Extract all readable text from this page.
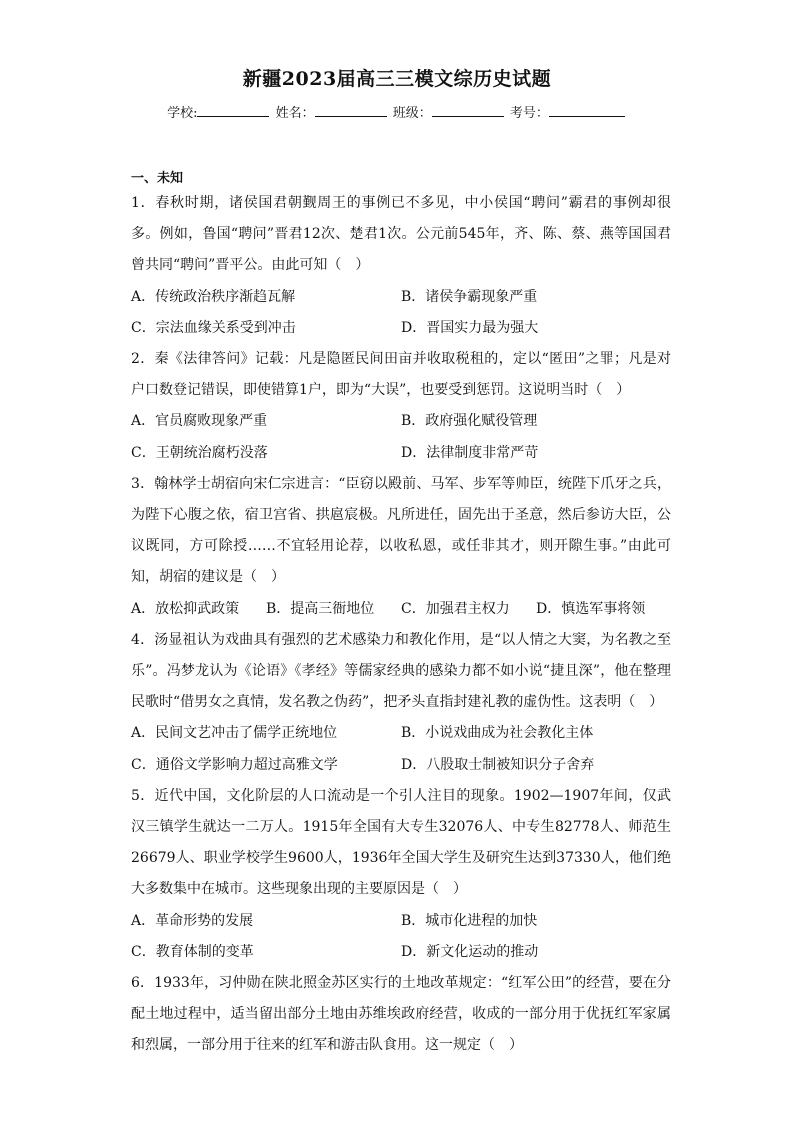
新疆2023届高三三模文综历史试题
学校:	姓名：	班级：	考号：
一、未知

1．春秋时期，诸侯国君朝觐周王的事例已不多见，中小侯国“聘问”霸君的事例却很多。例如，鲁国“聘问”晋君12次、楚君1次。公元前545年，齐、陈、蔡、燕等国国君曾共同“聘问”晋平公。由此可知（　）

A．传统政治秩序渐趋瓦解	B．诸侯争霸现象严重
C．宗法血缘关系受到冲击	D．晋国实力最为强大

2．秦《法律答问》记载：凡是隐匿民间田亩并收取税租的，定以“匿田”之罪；凡是对户口数登记错误，即使错算1户，即为“大误”，也要受到惩罚。这说明当时（　）

A．官员腐败现象严重	B．政府强化赋役管理
C．王朝统治腐朽没落	D．法律制度非常严苛

3．翰林学士胡宿向宋仁宗进言：“臣窃以殿前、马军、步军等帅臣，统陛下爪牙之兵，为陛下心腹之依，宿卫宫省、拱扈宸极。凡所进任，固先出于圣意，然后参访大臣，公议既同，方可除授……不宜轻用论荐，以收私恩，或任非其才，则开隙生事。”由此可知，胡宿的建议是（　）

A．放松抑武政策	B．提高三衙地位	C．加强君主权力	D．慎选军事将领

4．汤显祖认为戏曲具有强烈的艺术感染力和教化作用，是“以人情之大窦，为名教之至乐”。冯梦龙认为《论语》《孝经》等儒家经典的感染力都不如小说“捷且深”，他在整理民歌时“借男女之真情，发名教之伪药”，把矛头直指封建礼教的虚伪性。这表明（　）

A．民间文艺冲击了儒学正统地位	B．小说戏曲成为社会教化主体
C．通俗文学影响力超过高雅文学	D．八股取士制被知识分子舍弃

5．近代中国，文化阶层的人口流动是一个引人注目的现象。1902—1907年间，仅武汉三镇学生就达一二万人。1915年全国有大专生32076人、中专生82778人、师范生26679人、职业学校学生9600人，1936年全国大学生及研究生达到37330人，他们绝大多数集中在城市。这些现象出现的主要原因是（　）

A．革命形势的发展	B．城市化进程的加快
C．教育体制的变革	D．新文化运动的推动

6．1933年，习仲勋在陕北照金苏区实行的土地改革规定：“红军公田”的经营，要在分配土地过程中，适当留出部分土地由苏维埃政府经营，收成的一部分用于优抚红军家属和烈属，一部分用于往来的红军和游击队食用。这一规定（　）
